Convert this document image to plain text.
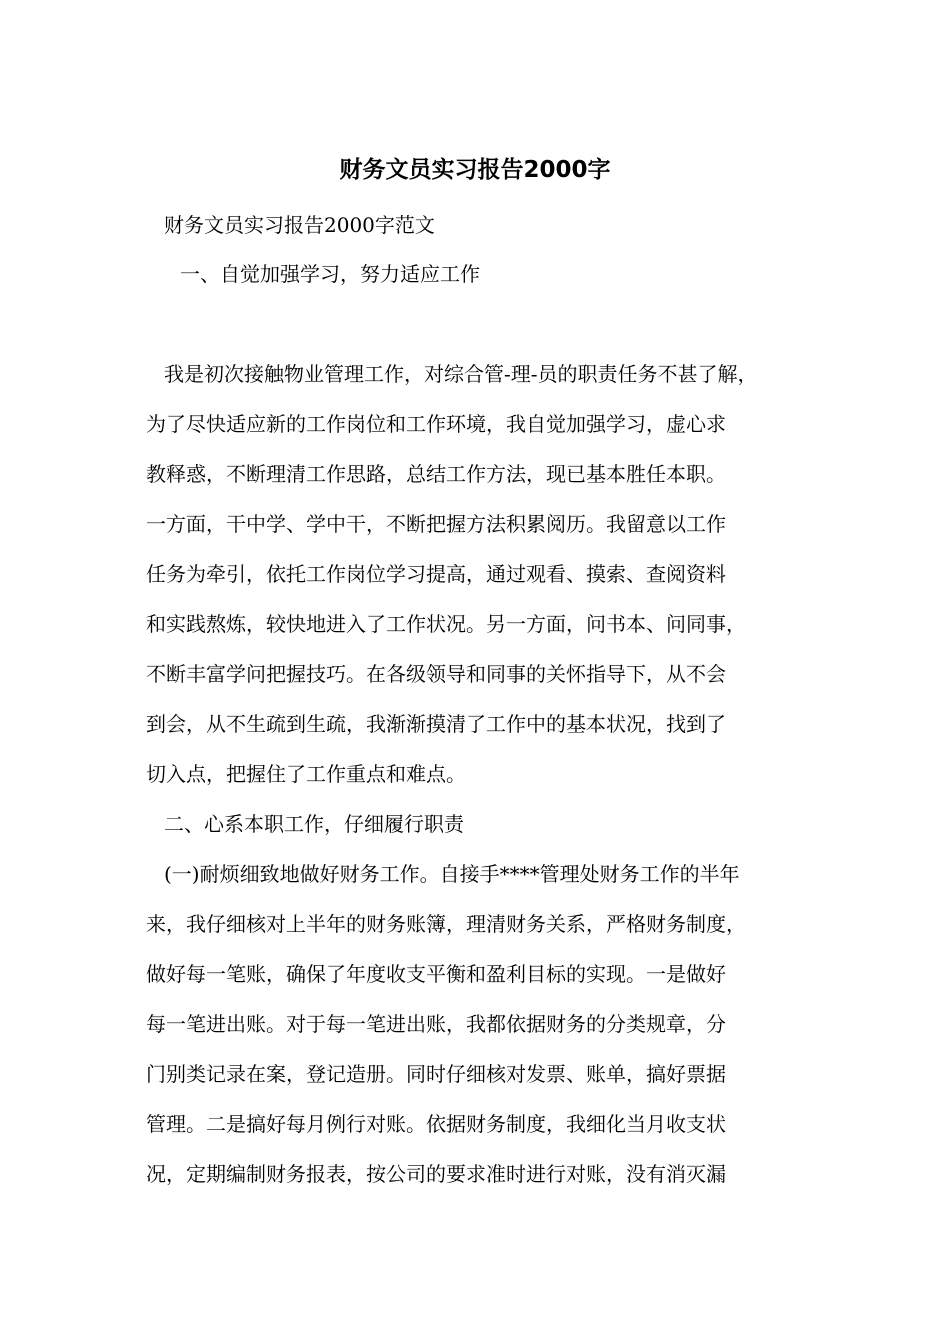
财务文员实习报告2000字
财务文员实习报告2000字范文
一、自觉加强学习，努力适应工作
我是初次接触物业管理工作，对综合管-理-员的职责任务不甚了解，
为了尽快适应新的工作岗位和工作环境，我自觉加强学习，虚心求
教释惑，不断理清工作思路，总结工作方法，现已基本胜任本职。
一方面，干中学、学中干，不断把握方法积累阅历。我留意以工作
任务为牵引，依托工作岗位学习提高，通过观看、摸索、查阅资料
和实践熬炼，较快地进入了工作状况。另一方面，问书本、问同事，
不断丰富学问把握技巧。在各级领导和同事的关怀指导下，从不会
到会，从不生疏到生疏，我渐渐摸清了工作中的基本状况，找到了
切入点，把握住了工作重点和难点。
二、心系本职工作，仔细履行职责
(一)耐烦细致地做好财务工作。自接手****管理处财务工作的半年
来，我仔细核对上半年的财务账簿，理清财务关系，严格财务制度，
做好每一笔账，确保了年度收支平衡和盈利目标的实现。一是做好
每一笔进出账。对于每一笔进出账，我都依据财务的分类规章，分
门别类记录在案，登记造册。同时仔细核对发票、账单，搞好票据
管理。二是搞好每月例行对账。依据财务制度，我细化当月收支状
况，定期编制财务报表，按公司的要求准时进行对账，没有消灭漏
